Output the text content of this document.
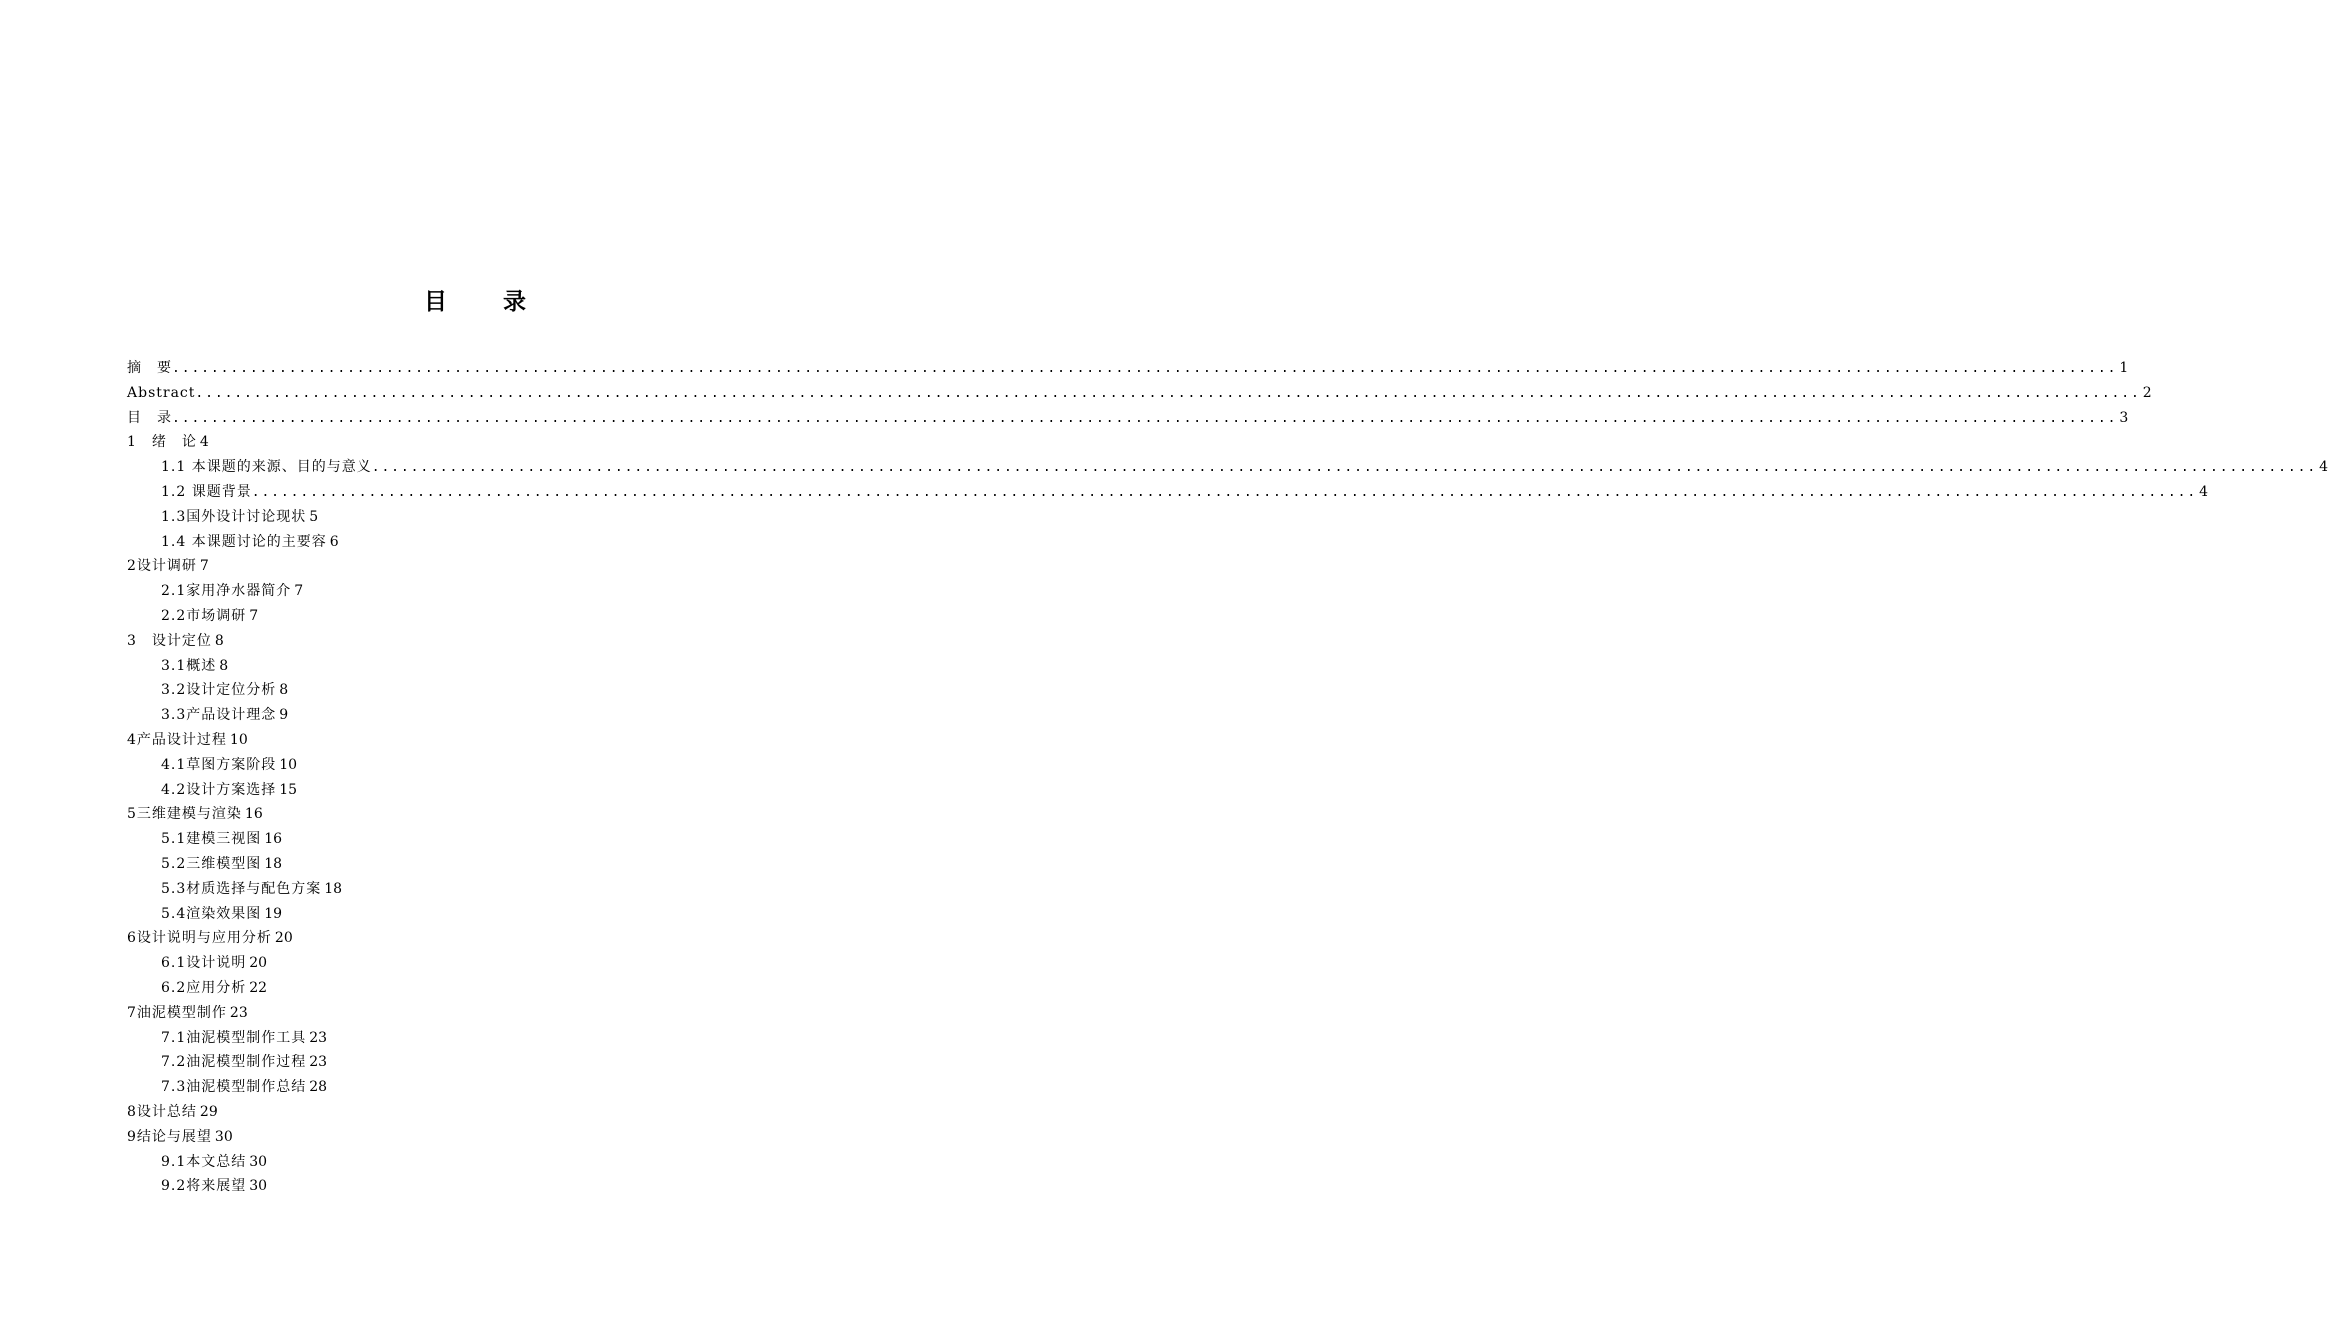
目 录
摘　要 ........................................................................................................................................................................................................ 1
Abstract ........................................................................................................................................................................................................ 2
目　录 ........................................................................................................................................................................................................ 3
1　绪　论 4
1.1 本课题的来源、目的与意义 ........................................................................................................................................................................................................ 4
1.2 课题背景 ........................................................................................................................................................................................................ 4
1.3国外设计讨论现状 5
1.4 本课题讨论的主要容 6
2设计调研 7
2.1家用净水器简介 7
2.2市场调研 7
3　设计定位 8
3.1概述 8
3.2设计定位分析 8
3.3产品设计理念 9
4产品设计过程 10
4.1草图方案阶段 10
4.2设计方案选择 15
5三维建模与渲染 16
5.1建模三视图 16
5.2三维模型图 18
5.3材质选择与配色方案 18
5.4渲染效果图 19
6设计说明与应用分析 20
6.1设计说明 20
6.2应用分析 22
7油泥模型制作 23
7.1油泥模型制作工具 23
7.2油泥模型制作过程 23
7.3油泥模型制作总结 28
8设计总结 29
9结论与展望 30
9.1本文总结 30
9.2将来展望 30
